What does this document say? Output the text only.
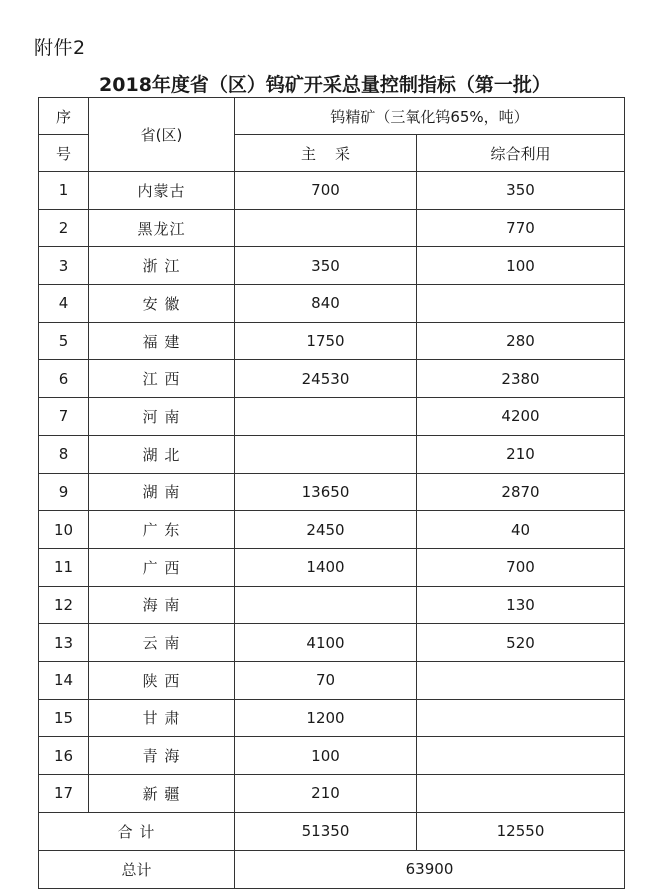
附件2
2018年度省（区）钨矿开采总量控制指标（第一批）
序	省(区)	钨精矿（三氧化钨65%，吨）	
号		主    采	综合利用
1	内蒙古	700	350
2	黑龙江		770
3	浙 江	350	100
4	安 徽	840	
5	福 建	1750	280
6	江 西	24530	2380
7	河 南		4200
8	湖 北		210
9	湖 南	13650	2870
10	广 东	2450	40
11	广 西	1400	700
12	海 南		130
13	云 南	4100	520
14	陕 西	70	
15	甘 肃	1200	
16	青 海	100	
17	新 疆	210	
合 计		51350	12550
总计		63900	
